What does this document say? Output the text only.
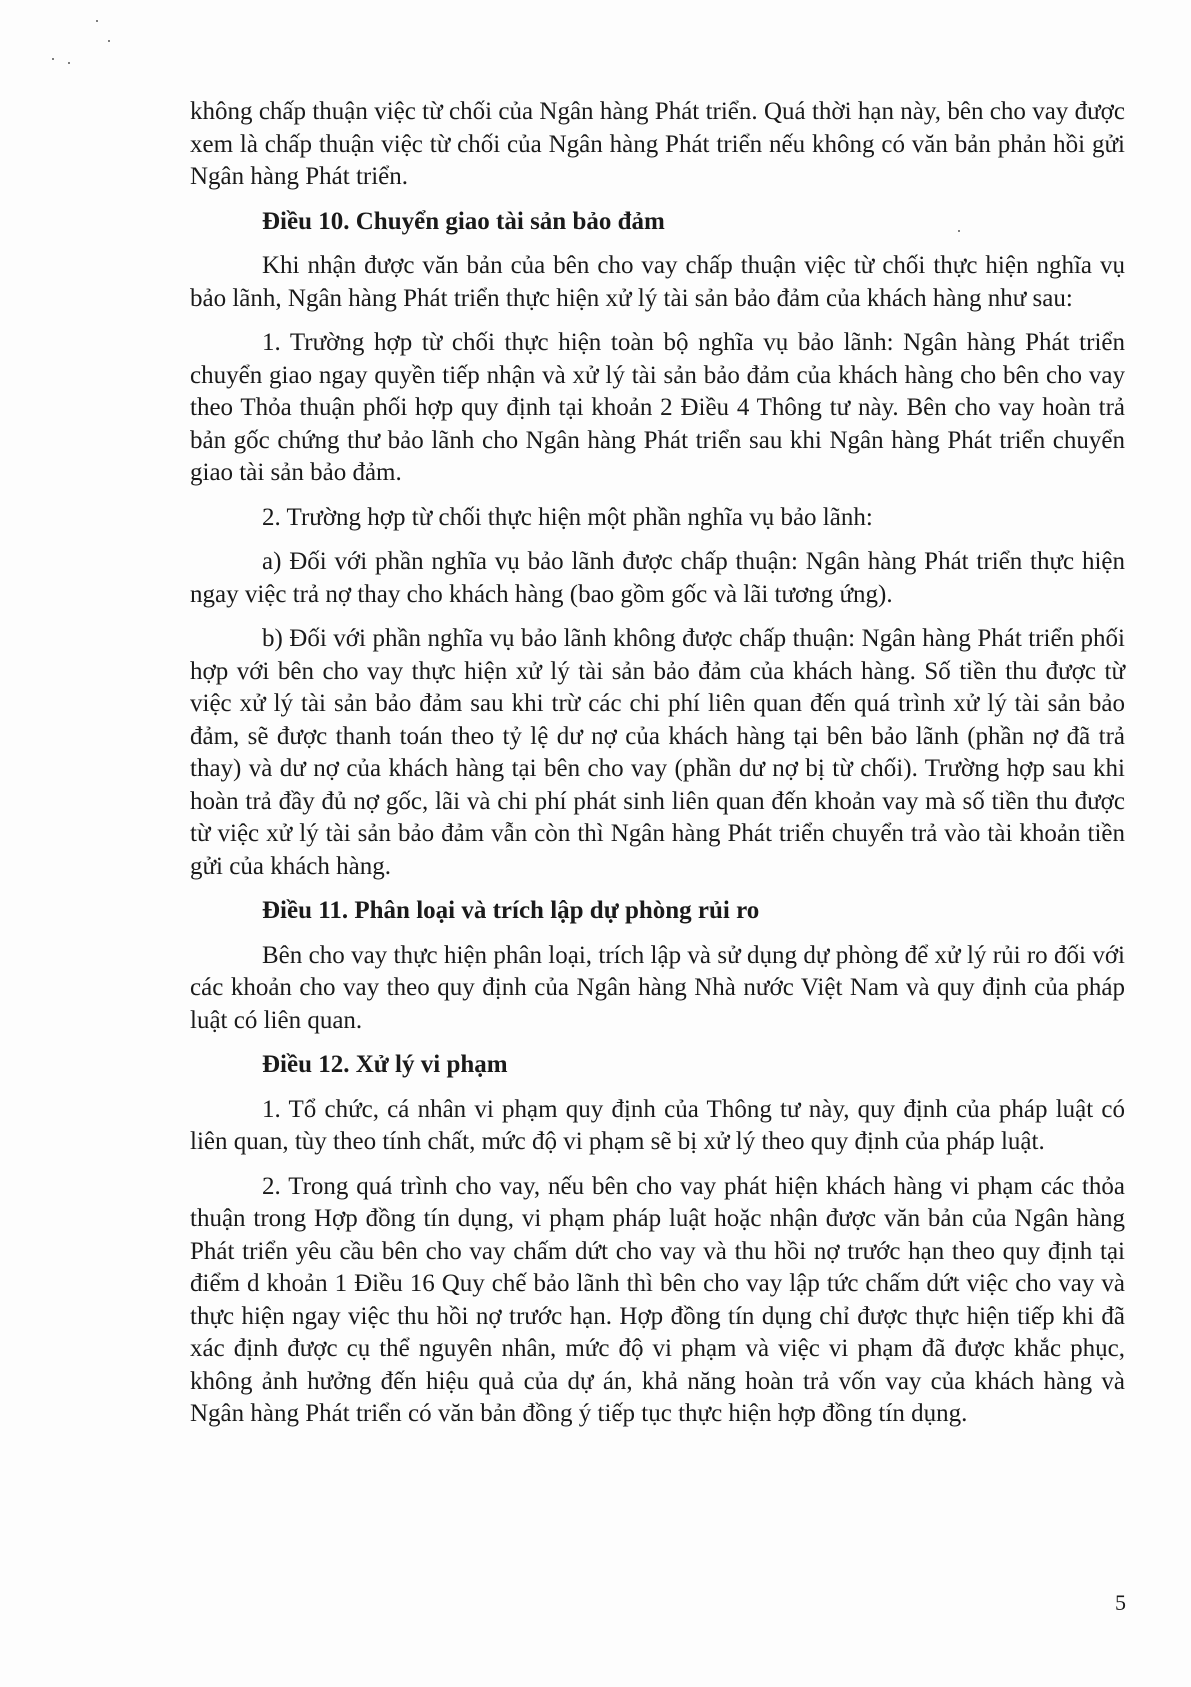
không chấp thuận việc từ chối của Ngân hàng Phát triển. Quá thời hạn này, bên cho vay được xem là chấp thuận việc từ chối của Ngân hàng Phát triển nếu không có văn bản phản hồi gửi Ngân hàng Phát triển.

Điều 10. Chuyển giao tài sản bảo đảm

Khi nhận được văn bản của bên cho vay chấp thuận việc từ chối thực hiện nghĩa vụ bảo lãnh, Ngân hàng Phát triển thực hiện xử lý tài sản bảo đảm của khách hàng như sau:

1. Trường hợp từ chối thực hiện toàn bộ nghĩa vụ bảo lãnh: Ngân hàng Phát triển chuyển giao ngay quyền tiếp nhận và xử lý tài sản bảo đảm của khách hàng cho bên cho vay theo Thỏa thuận phối hợp quy định tại khoản 2 Điều 4 Thông tư này. Bên cho vay hoàn trả bản gốc chứng thư bảo lãnh cho Ngân hàng Phát triển sau khi Ngân hàng Phát triển chuyển giao tài sản bảo đảm.

2. Trường hợp từ chối thực hiện một phần nghĩa vụ bảo lãnh:

a) Đối với phần nghĩa vụ bảo lãnh được chấp thuận: Ngân hàng Phát triển thực hiện ngay việc trả nợ thay cho khách hàng (bao gồm gốc và lãi tương ứng).

b) Đối với phần nghĩa vụ bảo lãnh không được chấp thuận: Ngân hàng Phát triển phối hợp với bên cho vay thực hiện xử lý tài sản bảo đảm của khách hàng. Số tiền thu được từ việc xử lý tài sản bảo đảm sau khi trừ các chi phí liên quan đến quá trình xử lý tài sản bảo đảm, sẽ được thanh toán theo tỷ lệ dư nợ của khách hàng tại bên bảo lãnh (phần nợ đã trả thay) và dư nợ của khách hàng tại bên cho vay (phần dư nợ bị từ chối). Trường hợp sau khi hoàn trả đầy đủ nợ gốc, lãi và chi phí phát sinh liên quan đến khoản vay mà số tiền thu được từ việc xử lý tài sản bảo đảm vẫn còn thì Ngân hàng Phát triển chuyển trả vào tài khoản tiền gửi của khách hàng.

Điều 11. Phân loại và trích lập dự phòng rủi ro

Bên cho vay thực hiện phân loại, trích lập và sử dụng dự phòng để xử lý rủi ro đối với các khoản cho vay theo quy định của Ngân hàng Nhà nước Việt Nam và quy định của pháp luật có liên quan.

Điều 12. Xử lý vi phạm

1. Tổ chức, cá nhân vi phạm quy định của Thông tư này, quy định của pháp luật có liên quan, tùy theo tính chất, mức độ vi phạm sẽ bị xử lý theo quy định của pháp luật.

2. Trong quá trình cho vay, nếu bên cho vay phát hiện khách hàng vi phạm các thỏa thuận trong Hợp đồng tín dụng, vi phạm pháp luật hoặc nhận được văn bản của Ngân hàng Phát triển yêu cầu bên cho vay chấm dứt cho vay và thu hồi nợ trước hạn theo quy định tại điểm d khoản 1 Điều 16 Quy chế bảo lãnh thì bên cho vay lập tức chấm dứt việc cho vay và thực hiện ngay việc thu hồi nợ trước hạn. Hợp đồng tín dụng chỉ được thực hiện tiếp khi đã xác định được cụ thể nguyên nhân, mức độ vi phạm và việc vi phạm đã được khắc phục, không ảnh hưởng đến hiệu quả của dự án, khả năng hoàn trả vốn vay của khách hàng và Ngân hàng Phát triển có văn bản đồng ý tiếp tục thực hiện hợp đồng tín dụng.

5
